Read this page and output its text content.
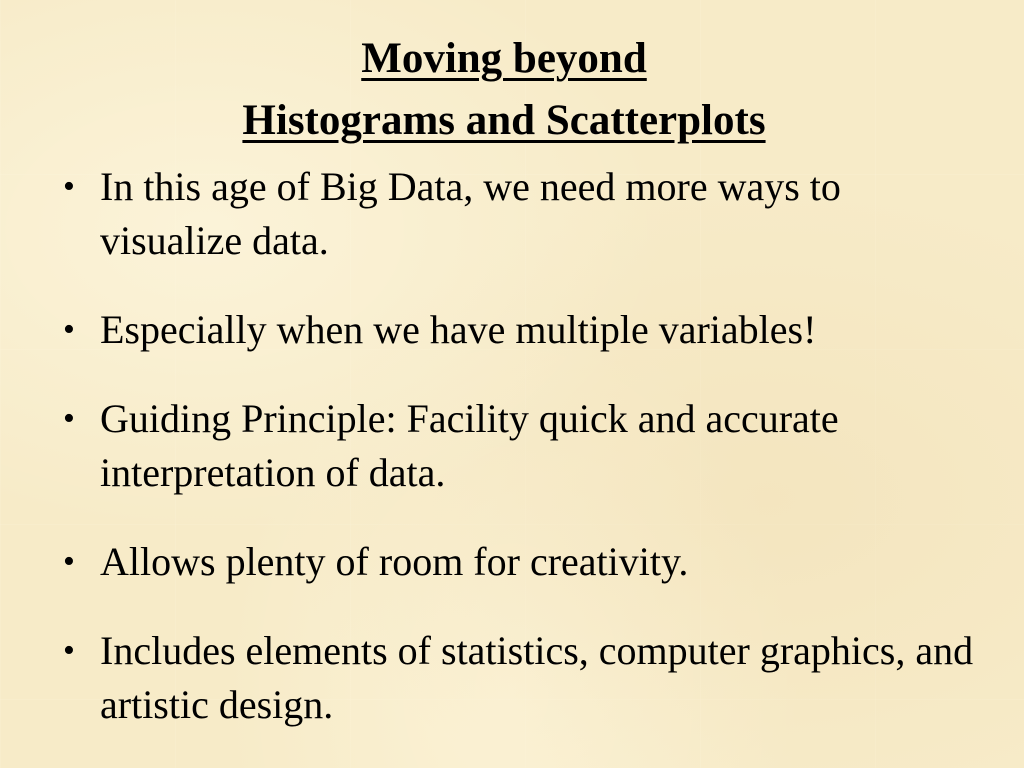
Moving beyond
Histograms and Scatterplots
• In this age of Big Data, we need more ways to visualize data.
• Especially when we have multiple variables!
• Guiding Principle: Facility quick and accurate interpretation of data.
• Allows plenty of room for creativity.
• Includes elements of statistics, computer graphics, and artistic design.
